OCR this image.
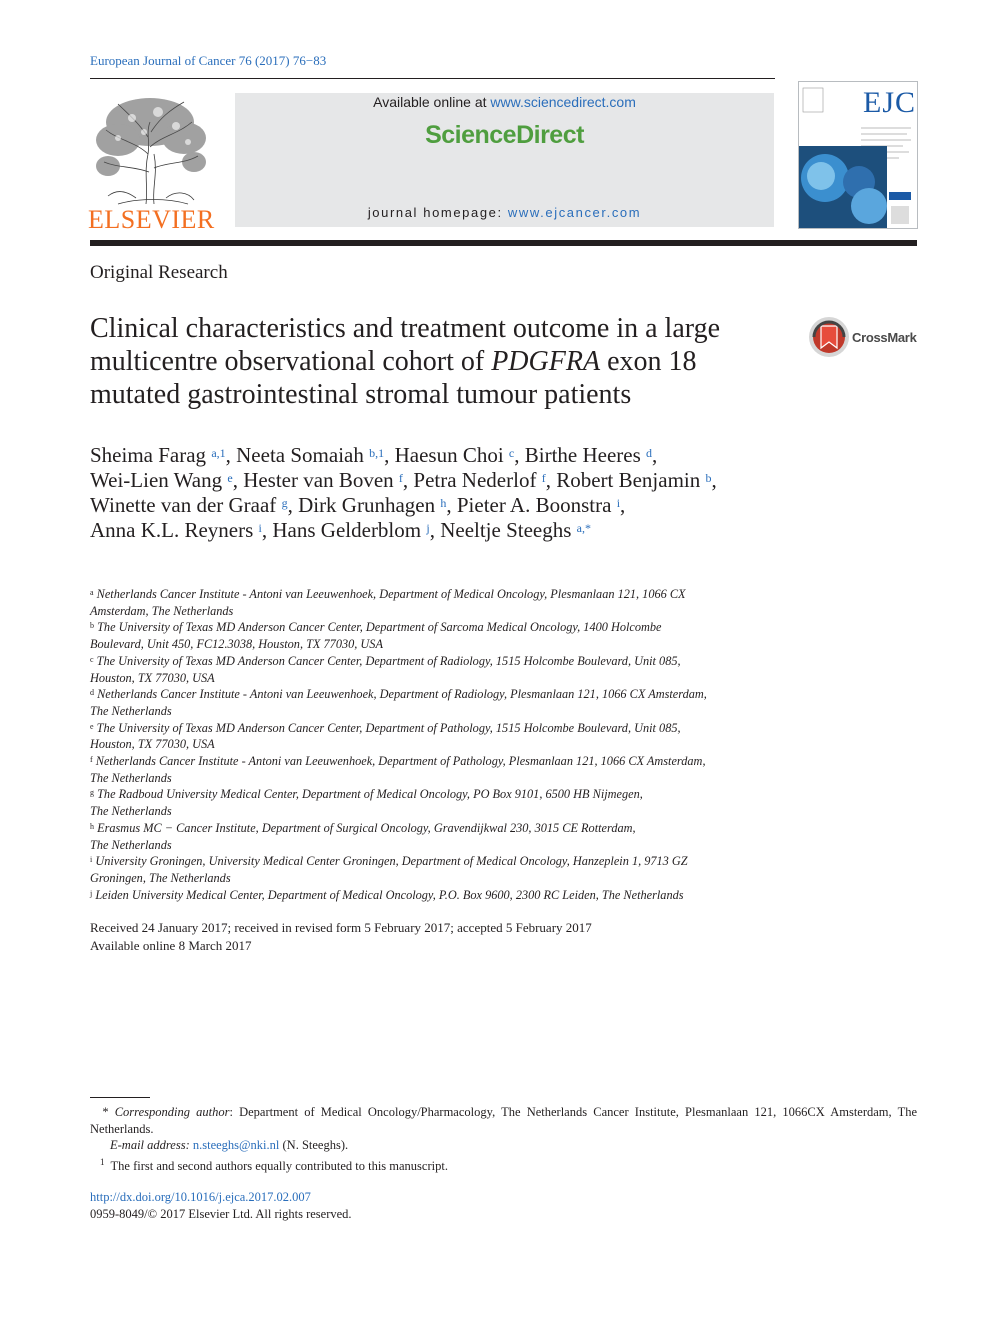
European Journal of Cancer 76 (2017) 76−83
ELSEVIER
Available online at www.sciencedirect.com
ScienceDirect
journal homepage: www.ejcancer.com
EJC
Original Research
Clinical characteristics and treatment outcome in a large multicentre observational cohort of PDGFRA exon 18 mutated gastrointestinal stromal tumour patients
CrossMark
Sheima Farag $^{a,1}$, Neeta Somaiah $^{b,1}$, Haesun Choi $^c$, Birthe Heeres $^d$,
Wei-Lien Wang $^e$, Hester van Boven $^f$, Petra Nederlof $^f$, Robert Benjamin $^b$,
Winette van der Graaf $^g$, Dirk Grunhagen $^h$, Pieter A. Boonstra $^i$,
Anna K.L. Reyners $^i$, Hans Gelderblom $^j$, Neeltje Steeghs $^{a,*}$
$^a$ Netherlands Cancer Institute - Antoni van Leeuwenhoek, Department of Medical Oncology, Plesmanlaan 121, 1066 CX
Amsterdam, The Netherlands
$^b$ The University of Texas MD Anderson Cancer Center, Department of Sarcoma Medical Oncology, 1400 Holcombe
Boulevard, Unit 450, FC12.3038, Houston, TX 77030, USA
$^c$ The University of Texas MD Anderson Cancer Center, Department of Radiology, 1515 Holcombe Boulevard, Unit 085,
Houston, TX 77030, USA
$^d$ Netherlands Cancer Institute - Antoni van Leeuwenhoek, Department of Radiology, Plesmanlaan 121, 1066 CX Amsterdam,
The Netherlands
$^e$ The University of Texas MD Anderson Cancer Center, Department of Pathology, 1515 Holcombe Boulevard, Unit 085,
Houston, TX 77030, USA
$^f$ Netherlands Cancer Institute - Antoni van Leeuwenhoek, Department of Pathology, Plesmanlaan 121, 1066 CX Amsterdam,
The Netherlands
$^g$ The Radboud University Medical Center, Department of Medical Oncology, PO Box 9101, 6500 HB Nijmegen,
The Netherlands
$^h$ Erasmus MC − Cancer Institute, Department of Surgical Oncology, Gravendijkwal 230, 3015 CE Rotterdam,
The Netherlands
$^i$ University Groningen, University Medical Center Groningen, Department of Medical Oncology, Hanzeplein 1, 9713 GZ
Groningen, The Netherlands
$^j$ Leiden University Medical Center, Department of Medical Oncology, P.O. Box 9600, 2300 RC Leiden, The Netherlands
Received 24 January 2017; received in revised form 5 February 2017; accepted 5 February 2017
Available online 8 March 2017
* Corresponding author: Department of Medical Oncology/Pharmacology, The Netherlands Cancer Institute, Plesmanlaan 121, 1066CX Amsterdam, The Netherlands.
E-mail address: n.steeghs@nki.nl (N. Steeghs).
$^1$ The first and second authors equally contributed to this manuscript.
http://dx.doi.org/10.1016/j.ejca.2017.02.007
0959-8049/© 2017 Elsevier Ltd. All rights reserved.
